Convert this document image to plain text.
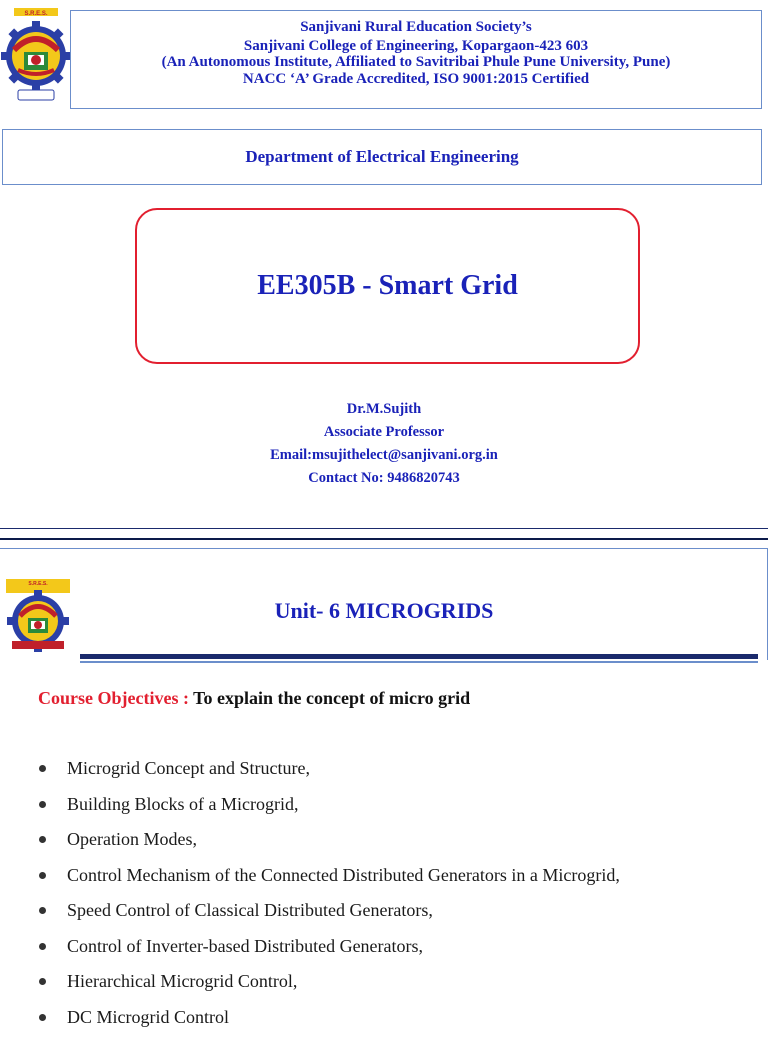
S.R.E.S.
Sanjivani Rural Education Society’s
Sanjivani College of Engineering, Kopargaon-423 603
(An Autonomous Institute, Affiliated to Savitribai Phule Pune University, Pune)
NACC ‘A’ Grade Accredited, ISO 9001:2015 Certified
Department of Electrical Engineering
EE305B - Smart Grid
Dr.M.Sujith
Associate Professor
Email:msujithelect@sanjivani.org.in
Contact No: 9486820743
S.R.E.S.
Unit- 6 MICROGRIDS
Course Objectives : To explain the concept of micro grid
Microgrid Concept and Structure,
Building Blocks of a Microgrid,
Operation Modes,
Control Mechanism of the Connected Distributed Generators in a Microgrid,
Speed Control of Classical Distributed Generators,
Control of Inverter-based Distributed Generators,
Hierarchical Microgrid Control,
DC Microgrid Control
